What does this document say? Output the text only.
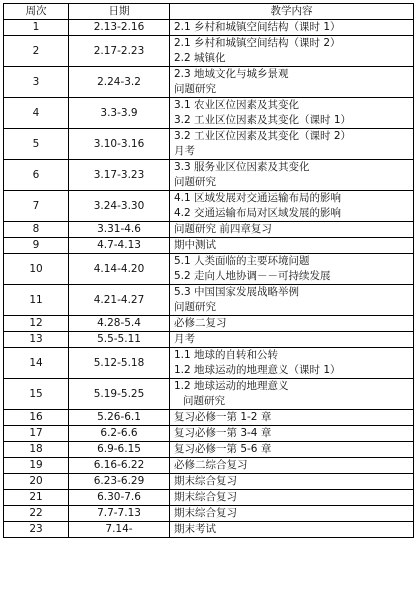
周次	日期	教学内容
1	2.13-2.16	2.1 乡村和城镇空间结构（课时 1）

2	2.17-2.23	2.1 乡村和城镇空间结构（课时 2）
2.2 城镇化

3	2.24-3.2	2.3 地域文化与城乡景观
问题研究

4	3.3-3.9	3.1 农业区位因素及其变化
3.2 工业区位因素及其变化（课时 1）

5	3.10-3.16	3.2 工业区位因素及其变化（课时 2）
月考

6	3.17-3.23	3.3 服务业区位因素及其变化
问题研究

7	3.24-3.30	4.1 区域发展对交通运输布局的影响
4.2 交通运输布局对区域发展的影响

8	3.31-4.6	问题研究 前四章复习

9	4.7-4.13	期中测试

10	4.14-4.20	5.1 人类面临的主要环境问题
5.2 走向人地协调－－可持续发展

11	4.21-4.27	5.3 中国国家发展战略举例
问题研究

12	4.28-5.4	必修二复习

13	5.5-5.11	月考

14	5.12-5.18	1.1 地球的自转和公转
1.2 地球运动的地理意义（课时 1）

15	5.19-5.25	1.2 地球运动的地理意义
问题研究

16	5.26-6.1	复习必修一第 1-2 章

17	6.2-6.6	复习必修一第 3-4 章

18	6.9-6.15	复习必修一第 5-6 章

19	6.16-6.22	必修二综合复习

20	6.23-6.29	期末综合复习

21	6.30-7.6	期末综合复习

22	7.7-7.13	期末综合复习

23	7.14-	期末考试
